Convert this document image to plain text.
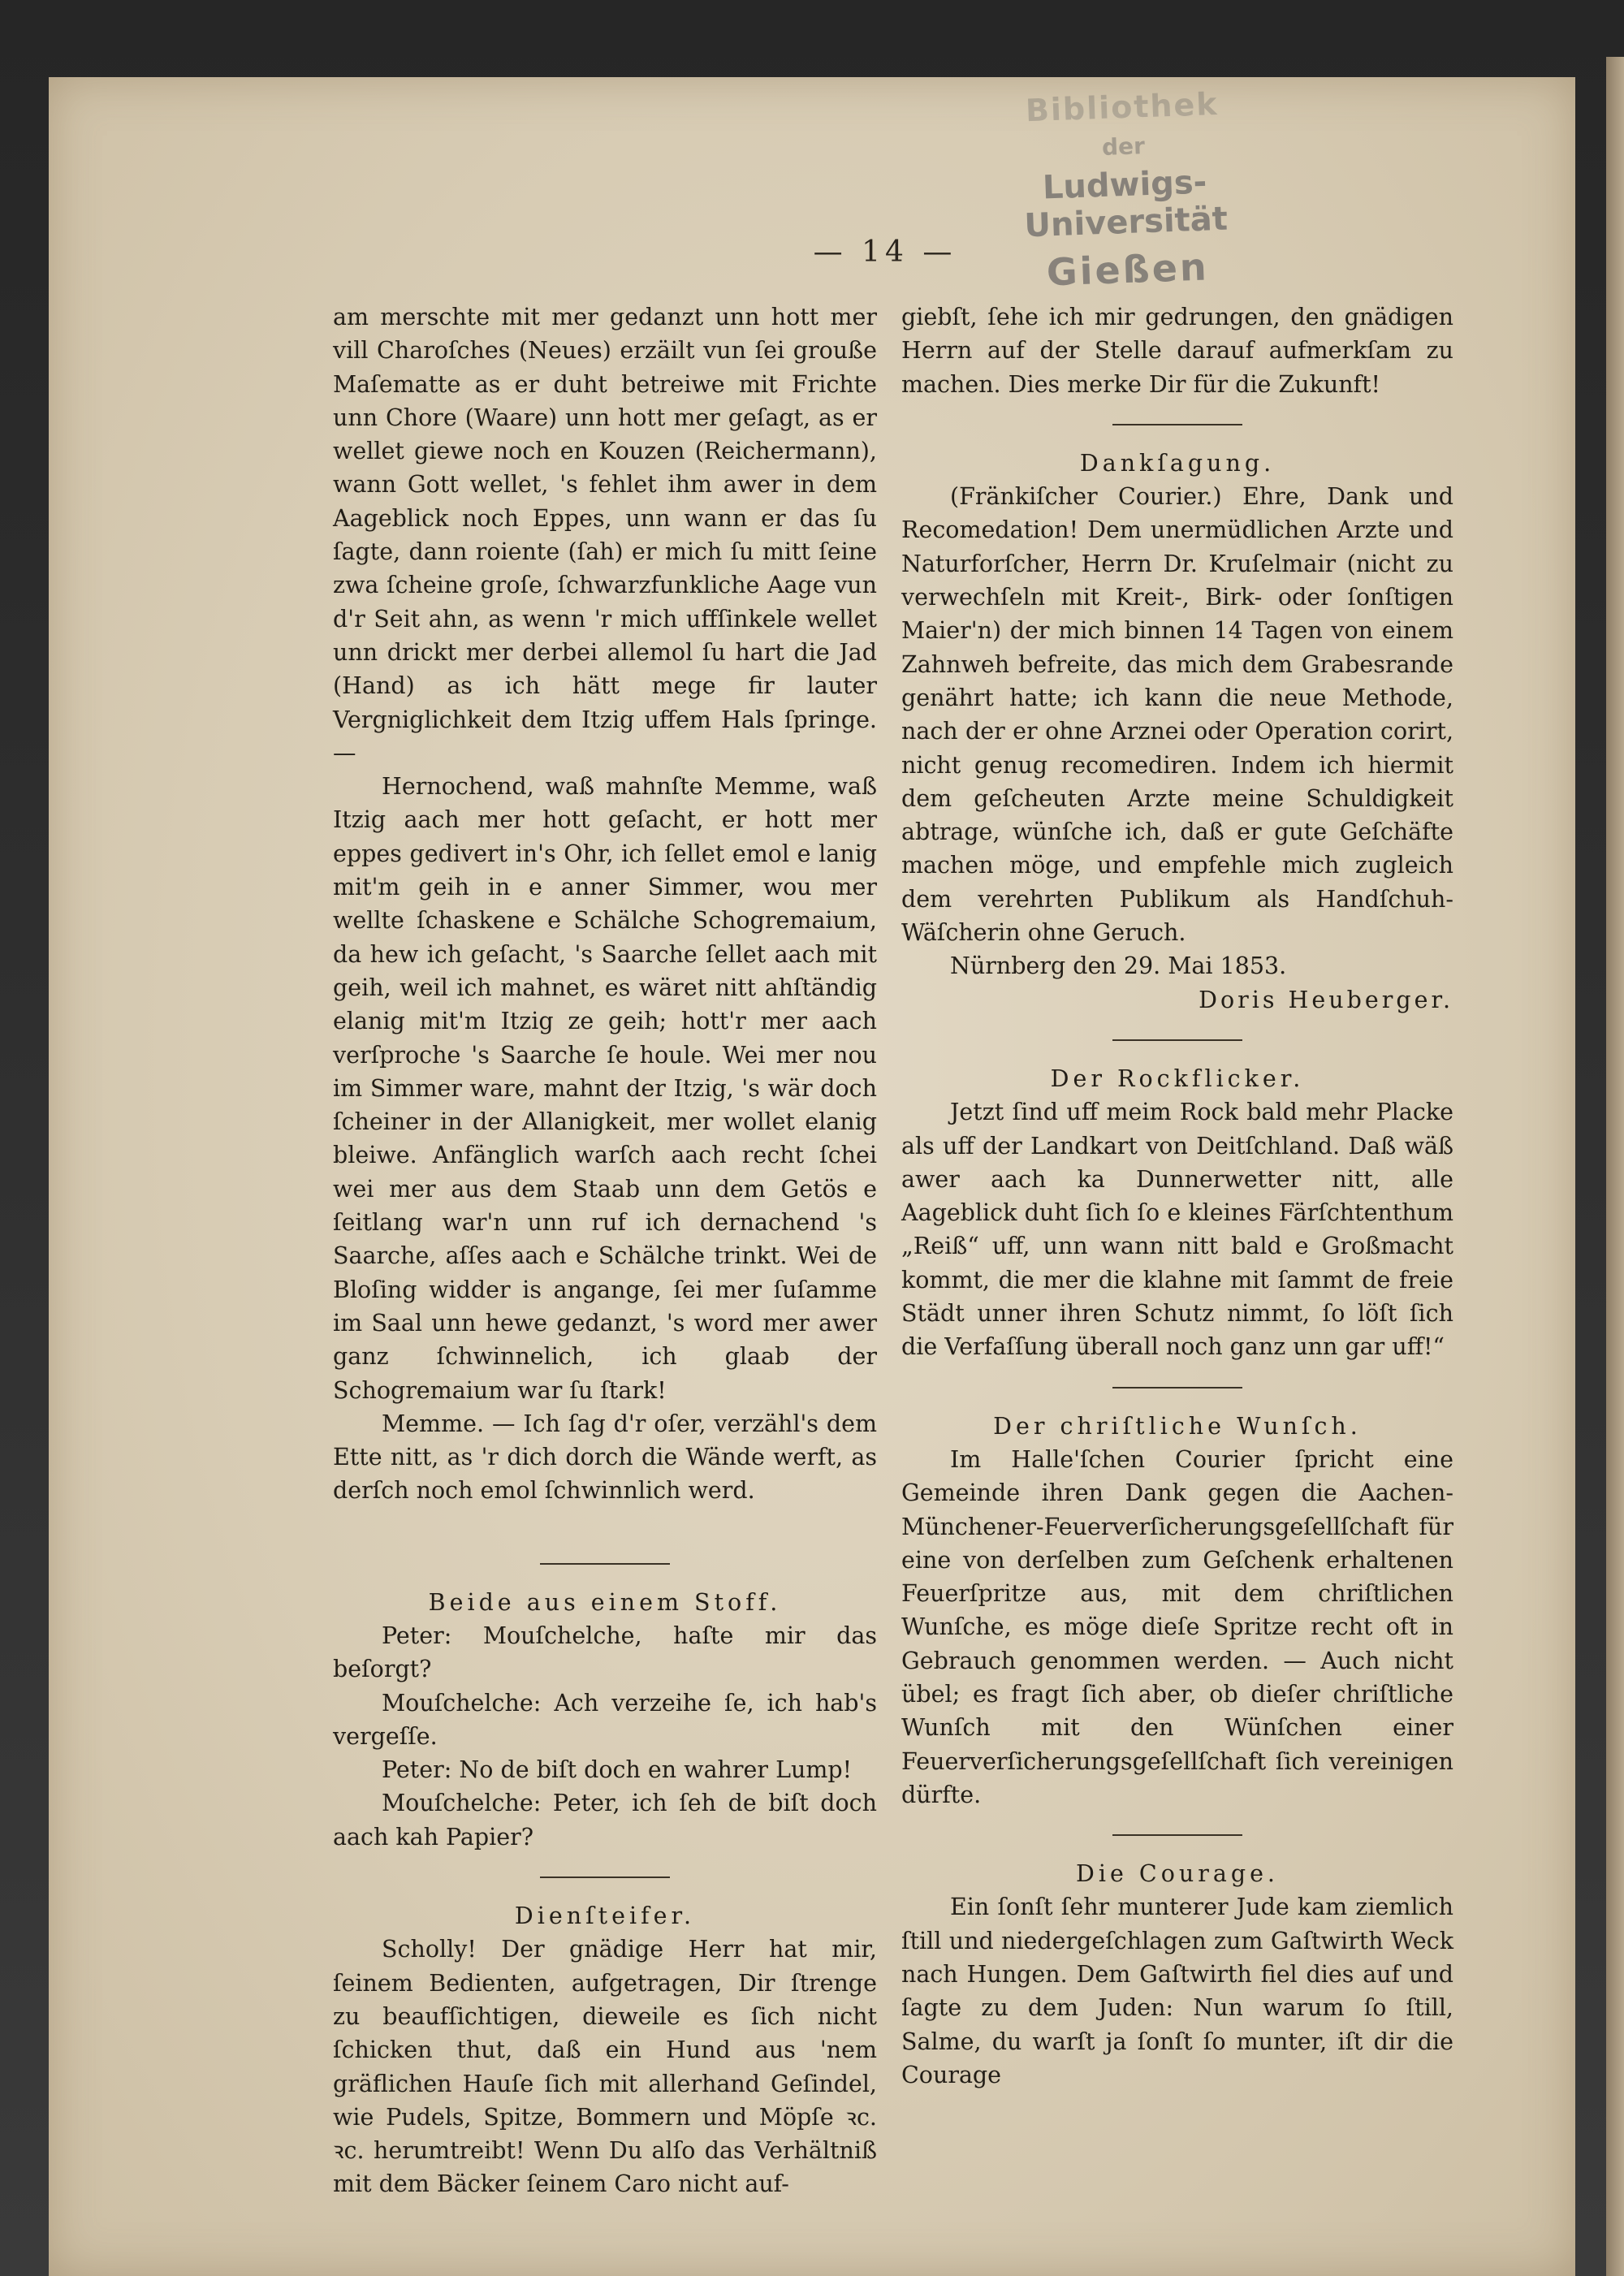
Bibliothek
der
Ludwigs-Universität
Gießen
— 14 —

am merschte mit mer gedanzt unn hott mer vill Charoſches (Neues) erzäilt vun ſei grouße Maſematte as er duht betreiwe mit Frichte unn Chore (Waare) unn hott mer geſagt, as er wellet giewe noch en Kouzen (Reichermann), wann Gott wellet, 's fehlet ihm awer in dem Aageblick noch Eppes, unn wann er das ſu ſagte, dann roiente (ſah) er mich ſu mitt ſeine zwa ſcheine groſe, ſchwarzfunkliche Aage vun d'r Seit ahn, as wenn 'r mich uffſinkele wellet unn drickt mer derbei allemol ſu hart die Jad (Hand) as ich hätt mege fir lauter Vergniglichkeit dem Itzig uffem Hals ſpringe. —

Hernochend, waß mahnſte Memme, waß Itzig aach mer hott geſacht, er hott mer eppes gedivert in's Ohr, ich ſellet emol e lanig mit'm geih in e anner Simmer, wou mer wellte ſchaskene e Schälche Schogremaium, da hew ich geſacht, 's Saarche ſellet aach mit geih, weil ich mahnet, es wäret nitt ahſtändig elanig mit'm Itzig ze geih; hott'r mer aach verſproche 's Saarche ſe houle. Wei mer nou im Simmer ware, mahnt der Itzig, 's wär doch ſcheiner in der Allanigkeit, mer wollet elanig bleiwe. Anfänglich warſch aach recht ſchei wei mer aus dem Staab unn dem Getös e ſeitlang war'n unn ruf ich dernachend 's Saarche, aſſes aach e Schälche trinkt. Wei de Bloſing widder is angange, ſei mer ſuſamme im Saal unn hewe gedanzt, 's word mer awer ganz ſchwinnelich, ich glaab der Schogremaium war ſu ſtark!

Memme. — Ich ſag d'r oſer, verzähl's dem Ette nitt, as 'r dich dorch die Wände werft, as derſch noch emol ſchwinnlich werd.

Beide aus einem Stoff.

Peter: Mouſchelche, haſte mir das beſorgt?

Mouſchelche: Ach verzeihe ſe, ich hab's vergeſſe.

Peter: No de biſt doch en wahrer Lump!

Mouſchelche: Peter, ich ſeh de biſt doch aach kah Papier?

Dienſteifer.

Scholly! Der gnädige Herr hat mir, ſeinem Bedienten, aufgetragen, Dir ſtrenge zu beaufſichtigen, dieweile es ſich nicht ſchicken thut, daß ein Hund aus 'nem gräflichen Hauſe ſich mit allerhand Geſindel, wie Pudels, Spitze, Bommern und Möpſe ꝛc. ꝛc. herumtreibt! Wenn Du alſo das Verhältniß mit dem Bäcker ſeinem Caro nicht auf-

giebſt, ſehe ich mir gedrungen, den gnädigen Herrn auf der Stelle darauf aufmerkſam zu machen. Dies merke Dir für die Zukunft!

Dankſagung.

(Fränkiſcher Courier.) Ehre, Dank und Recomedation! Dem unermüdlichen Arzte und Naturforſcher, Herrn Dr. Kruſelmair (nicht zu verwechſeln mit Kreit-, Birk- oder ſonſtigen Maier'n) der mich binnen 14 Tagen von einem Zahnweh befreite, das mich dem Grabesrande genährt hatte; ich kann die neue Methode, nach der er ohne Arznei oder Operation corirt, nicht genug recomediren. Indem ich hiermit dem geſcheuten Arzte meine Schuldigkeit abtrage, wünſche ich, daß er gute Geſchäfte machen möge, und empfehle mich zugleich dem verehrten Publikum als Handſchuh-Wäſcherin ohne Geruch.

Nürnberg den 29. Mai 1853.

Doris Heuberger.

Der Rockflicker.

Jetzt ſind uff meim Rock bald mehr Placke als uff der Landkart von Deitſchland. Daß wäß awer aach ka Dunnerwetter nitt, alle Aageblick duht ſich ſo e kleines Färſchtenthum „Reiß“ uff, unn wann nitt bald e Großmacht kommt, die mer die klahne mit ſammt de freie Städt unner ihren Schutz nimmt, ſo löſt ſich die Verfaſſung überall noch ganz unn gar uff!“

Der chriſtliche Wunſch.

Im Halle'ſchen Courier ſpricht eine Gemeinde ihren Dank gegen die Aachen-Münchener-Feuerverſicherungsgeſellſchaft für eine von derſelben zum Geſchenk erhaltenen Feuerſpritze aus, mit dem chriſtlichen Wunſche, es möge dieſe Spritze recht oft in Gebrauch genommen werden. — Auch nicht übel; es fragt ſich aber, ob dieſer chriſtliche Wunſch mit den Wünſchen einer Feuerverſicherungsgeſellſchaft ſich vereinigen dürfte.

Die Courage.

Ein ſonſt ſehr munterer Jude kam ziemlich ſtill und niedergeſchlagen zum Gaſtwirth Weck nach Hungen. Dem Gaſtwirth fiel dies auf und ſagte zu dem Juden: Nun warum ſo ſtill, Salme, du warſt ja ſonſt ſo munter, iſt dir die Courage
